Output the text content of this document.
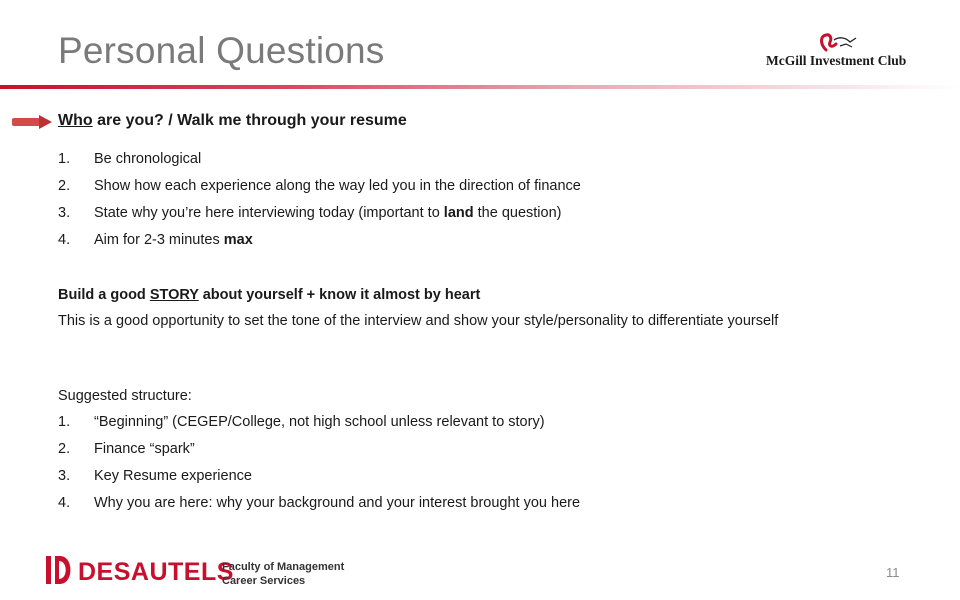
Personal Questions	McGill Investment Club
Who are you? / Walk me through your resume
1. Be chronological
2. Show how each experience along the way led you in the direction of finance
3. State why you’re here interviewing today (important to land the question)
4. Aim for 2-3 minutes max
Build a good STORY about yourself + know it almost by heart
This is a good opportunity to set the tone of the interview and show your style/personality to differentiate yourself
Suggested structure:
1. “Beginning” (CEGEP/College, not high school unless relevant to story)
2. Finance “spark”
3. Key Resume experience
4. Why you are here: why your background and your interest brought you here
DESAUTELS
Faculty of Management
Career Services
11
